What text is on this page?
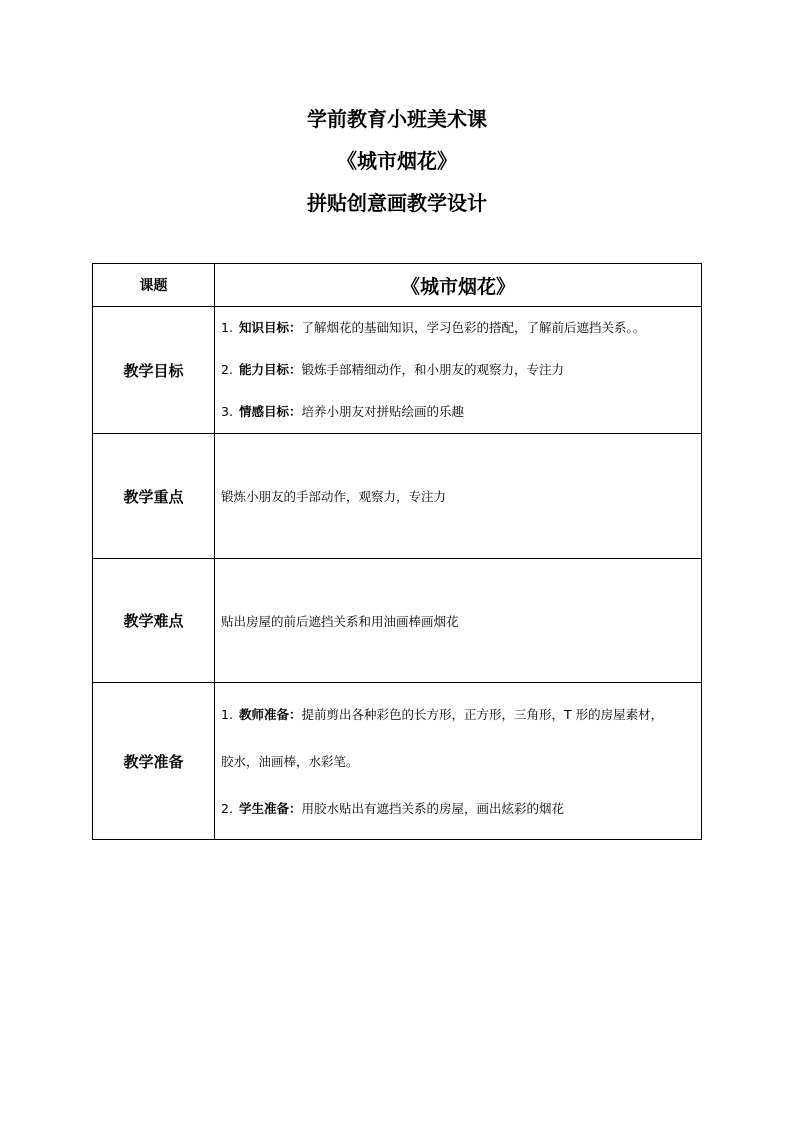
学前教育小班美术课
《城市烟花》
拼贴创意画教学设计
课题	《城市烟花》
教学目标	1. 知识目标：了解烟花的基础知识，学习色彩的搭配，了解前后遮挡关系。。
2. 能力目标：锻炼手部精细动作，和小朋友的观察力，专注力
3. 情感目标：培养小朋友对拼贴绘画的乐趣

教学重点	锻炼小朋友的手部动作，观察力，专注力
教学难点	贴出房屋的前后遮挡关系和用油画棒画烟花
教学准备	1. 教师准备：提前剪出各种彩色的长方形，正方形，三角形，T 形的房屋素材，
胶水，油画棒，水彩笔。
2. 学生准备：用胶水贴出有遮挡关系的房屋，画出炫彩的烟花
